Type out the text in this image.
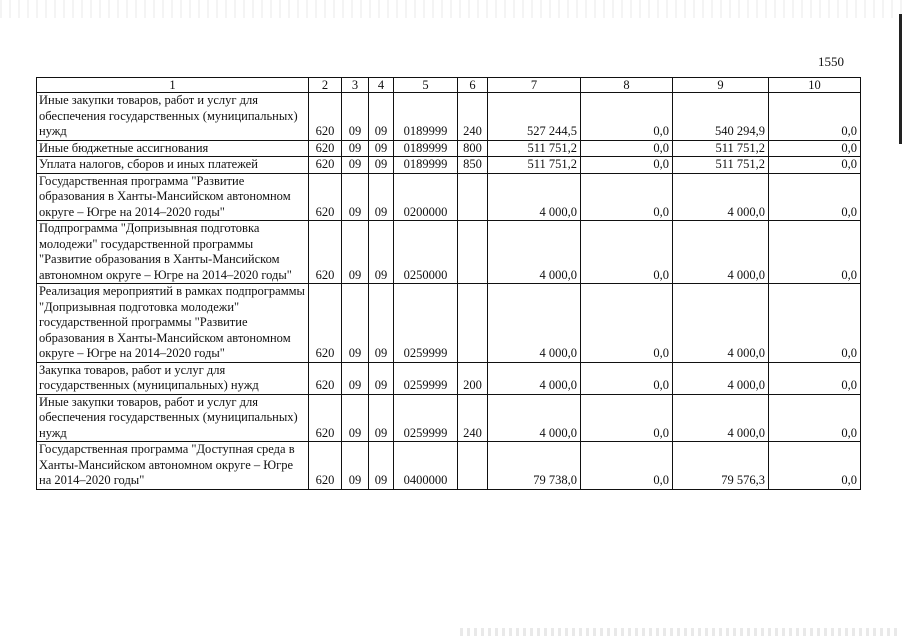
1550
1	2	3	4	5	6	7	8	9	10
Иные закупки товаров, работ и услуг для обеспечения государственных (муниципальных) нужд	620	09	09	0189999	240	527 244,5	0,0	540 294,9	0,0
Иные бюджетные ассигнования	620	09	09	0189999	800	511 751,2	0,0	511 751,2	0,0
Уплата налогов, сборов и иных платежей	620	09	09	0189999	850	511 751,2	0,0	511 751,2	0,0
Государственная программа "Развитие образования в Ханты-Мансийском автономном округе – Югре на 2014–2020 годы"	620	09	09	0200000		4 000,0	0,0	4 000,0	0,0
Подпрограмма "Допризывная подготовка молодежи" государственной программы "Развитие образования в Ханты-Мансийском автономном округе – Югре на 2014–2020 годы"	620	09	09	0250000		4 000,0	0,0	4 000,0	0,0
Реализация мероприятий в рамках подпрограммы "Допризывная подготовка молодежи" государственной программы "Развитие образования в Ханты-Мансийском автономном округе – Югре на 2014–2020 годы"	620	09	09	0259999		4 000,0	0,0	4 000,0	0,0
Закупка товаров, работ и услуг для государственных (муниципальных) нужд	620	09	09	0259999	200	4 000,0	0,0	4 000,0	0,0
Иные закупки товаров, работ и услуг для обеспечения государственных (муниципальных) нужд	620	09	09	0259999	240	4 000,0	0,0	4 000,0	0,0
Государственная программа "Доступная среда в Ханты-Мансийском автономном округе – Югре на 2014–2020 годы"	620	09	09	0400000		79 738,0	0,0	79 576,3	0,0
